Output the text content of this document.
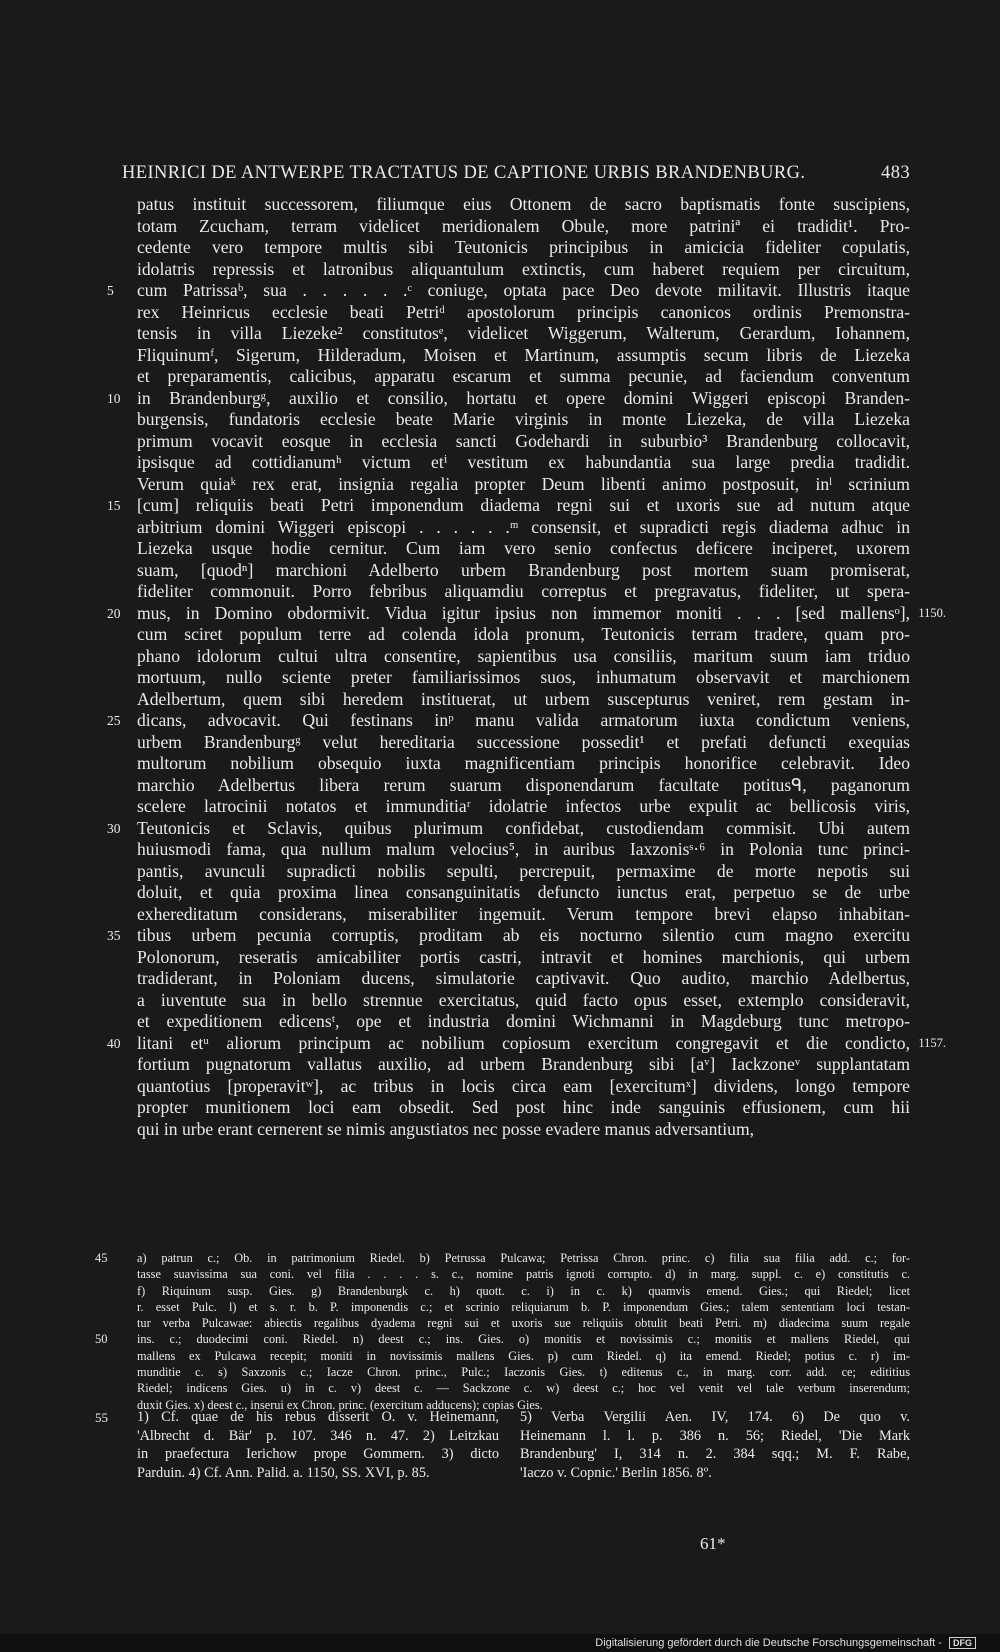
HEINRICI DE ANTWERPE TRACTATUS DE CAPTIONE URBIS BRANDENBURG.	483
patus instituit successorem, filiumque eius Ottonem de sacro baptismatis fonte suscipiens,
totam Zcucham, terram videlicet meridionalem Obule, more patriniª ei tradidit¹. Pro-
cedente vero tempore multis sibi Teutonicis principibus in amicicia fideliter copulatis,
idolatris repressis et latronibus aliquantulum extinctis, cum haberet requiem per circuitum,
5	cum Patrissaᵇ, sua . . . . . .ᶜ coniuge, optata pace Deo devote militavit. Illustris itaque
rex Heinricus ecclesie beati Petriᵈ apostolorum principis canonicos ordinis Premonstra-
tensis in villa Liezeke² constitutosᵉ, videlicet Wiggerum, Walterum, Gerardum, Iohannem,
Fliquinumᶠ, Sigerum, Hilderadum, Moisen et Martinum, assumptis secum libris de Liezeka
et preparamentis, calicibus, apparatu escarum et summa pecunie, ad faciendum conventum
10 in Brandenburgᵍ, auxilio et consilio, hortatu et opere domini Wiggeri episcopi Branden-
burgensis, fundatoris ecclesie beate Marie virginis in monte Liezeka, de villa Liezeka
primum vocavit eosque in ecclesia sancti Godehardi in suburbio³ Brandenburg collocavit,
ipsisque ad cottidianumʰ victum etⁱ vestitum ex habundantia sua large predia tradidit.
Verum quiaᵏ rex erat, insignia regalia propter Deum libenti animo postposuit, inˡ scrinium
15 [cum] reliquiis beati Petri imponendum diadema regni sui et uxoris sue ad nutum atque
arbitrium domini Wiggeri episcopi . . . . . .ᵐ consensit, et supradicti regis diadema adhuc in
Liezeka usque hodie cernitur. Cum iam vero senio confectus deficere inciperet, uxorem
suam, [quodⁿ] marchioni Adelberto urbem Brandenburg post mortem suam promiserat,
fideliter commonuit. Porro febribus aliquamdiu correptus et pregravatus, fideliter, ut spera-
20 mus, in Domino obdormivit. Vidua igitur ipsius non immemor moniti . . . [sed mallensᵒ], 1150.
cum sciret populum terre ad colenda idola pronum, Teutonicis terram tradere, quam pro-
phano idolorum cultui ultra consentire, sapientibus usa consiliis, maritum suum iam triduo
mortuum, nullo sciente preter familiarissimos suos, inhumatum observavit et marchionem
Adelbertum, quem sibi heredem instituerat, ut urbem suscepturus veniret, rem gestam in-
25 dicans, advocavit. Qui festinans inᵖ manu valida armatorum iuxta condictum veniens,
urbem Brandenburgᵍ velut hereditaria successione possedit¹ et prefati defuncti exequias
multorum nobilium obsequio iuxta magnificentiam principis honorifice celebravit. Ideo
marchio Adelbertus libera rerum suarum disponendarum facultate potitusᑫ, paganorum
scelere latrocinii notatos et immunditiaʳ idolatrie infectos urbe expulit ac bellicosis viris,
30 Teutonicis et Sclavis, quibus plurimum confidebat, custodiendam commisit. Ubi autem
huiusmodi fama, qua nullum malum velocius⁵, in auribus Iaxzonisˢ·⁶ in Polonia tunc princi-
pantis, avunculi supradicti nobilis sepulti, percrepuit, permaxime de morte nepotis sui
doluit, et quia proxima linea consanguinitatis defuncto iunctus erat, perpetuo se de urbe
exhereditatum considerans, miserabiliter ingemuit. Verum tempore brevi elapso inhabitan-
35 tibus urbem pecunia corruptis, proditam ab eis nocturno silentio cum magno exercitu
Polonorum, reseratis amicabiliter portis castri, intravit et homines marchionis, qui urbem
tradiderant, in Poloniam ducens, simulatorie captivavit. Quo audito, marchio Adelbertus,
a iuventute sua in bello strennue exercitatus, quid facto opus esset, extemplo consideravit,
et expeditionem edicensᵗ, ope et industria domini Wichmanni in Magdeburg tunc metropo-
40 litani etᵘ aliorum principum ac nobilium copiosum exercitum congregavit et die condicto, 1157.
fortium pugnatorum vallatus auxilio, ad urbem Brandenburg sibi [aᵛ] Iackzoneᵛ supplantatam
quantotius [properavitʷ], ac tribus in locis circa eam [exercitumˣ] dividens, longo tempore
propter munitionem loci eam obsedit. Sed post hinc inde sanguinis effusionem, cum hii
qui in urbe erant cernerent se nimis angustiatos nec posse evadere manus adversantium,
45	a) patrun c.; Ob. in patrimonium Riedel. b) Petrussa Pulcawa; Petrissa Chron. princ. c) filia sua filia add. c.; for-
tasse suavissima sua coni. vel filia . . . . s. c., nomine patris ignoti corrupto. d) in marg. suppl. c. e) constitutis c.
f) Riquinum susp. Gies. g) Brandenburgk c. h) quott. c. i) in c. k) quamvis emend. Gies.; qui Riedel; licet
r. esset Pulc. l) et s. r. b. P. imponendis c.; et scrinio reliquiarum b. P. imponendum Gies.; talem sententiam loci testan-
tur verba Pulcawae: abiectis regalibus dyadema regni sui et uxoris sue reliquiis obtulit beati Petri. m) diadecima suum regale
50	ins. c.; duodecimi coni. Riedel. n) deest c.; ins. Gies. o) monitis et novissimis c.; monitis et mallens Riedel, qui
mallens ex Pulcawa recepit; moniti in novissimis mallens Gies. p) cum Riedel. q) ita emend. Riedel; potius c. r) im-
munditie c. s) Saxzonis c.; Iacze Chron. princ., Pulc.; Iaczonis Gies. t) editenus c., in marg. corr. add. ce; edititius
Riedel; indicens Gies. u) in c. v) deest c. — Sackzone c. w) deest c.; hoc vel venit vel tale verbum inserendum;
duxit Gies. x) deest c., inserui ex Chron. princ. (exercitum adducens); copias Gies.
55	1) Cf. quae de his rebus disserit O. v. Heinemann,
'Albrecht d. Bär' p. 107. 346 n. 47. 2) Leitzkau
in praefectura Ierichow prope Gommern. 3) dicto
Parduin. 4) Cf. Ann. Palid. a. 1150, SS. XVI, p. 85.
5) Verba Vergilii Aen. IV, 174. 6) De quo v.
Heinemann l. l. p. 386 n. 56; Riedel, 'Die Mark
Brandenburg' I, 314 n. 2. 384 sqq.; M. F. Rabe,
'Iaczo v. Copnic.' Berlin 1856. 8º.
61*
Digitalisierung gefördert durch die Deutsche Forschungsgemeinschaft - DFG
